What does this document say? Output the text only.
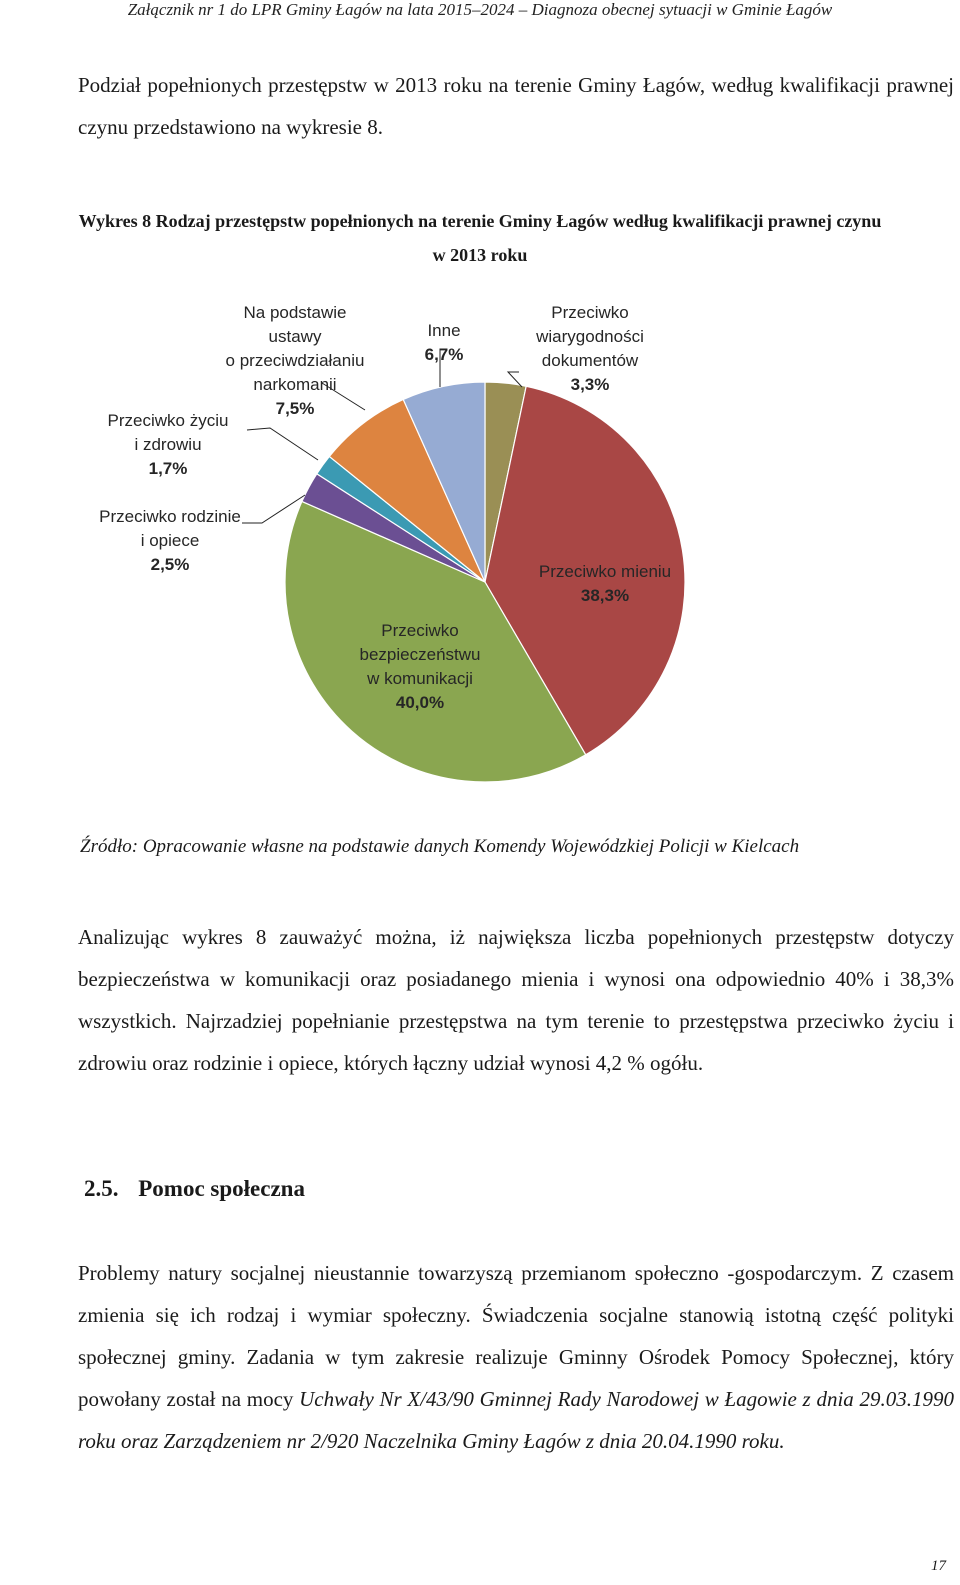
Załącznik nr 1 do LPR Gminy Łagów na lata 2015–2024 – Diagnoza obecnej sytuacji w Gminie Łagów
Podział popełnionych przestępstw w 2013 roku na terenie Gminy Łagów, według kwalifikacji prawnej czynu przedstawiono na wykresie 8.
Wykres 8 Rodzaj przestępstw popełnionych na terenie Gminy Łagów według kwalifikacji prawnej czynu
w 2013 roku
Przeciwko wiarygodności dokumentów 3,3%
Przeciwko mieniu 38,3%
Przeciwko bezpieczeństwu w komunikacji 40,0%
Przeciwko rodzinie i opiece 2,5%
Przeciwko życiu i zdrowiu 1,7%
Na podstawie ustawy o przeciwdziałaniu narkomanii 7,5%
Inne 6,7%
Źródło: Opracowanie własne na podstawie danych Komendy Wojewódzkiej Policji w Kielcach
Analizując wykres 8 zauważyć można, iż największa liczba popełnionych przestępstw dotyczy bezpieczeństwa w komunikacji oraz posiadanego mienia i wynosi ona odpowiednio 40% i 38,3% wszystkich. Najrzadziej popełnianie przestępstwa na tym terenie to przestępstwa przeciwko życiu i zdrowiu oraz rodzinie i opiece, których łączny udział wynosi 4,2 % ogółu.
2.5. Pomoc społeczna
Problemy natury socjalnej nieustannie towarzyszą przemianom społeczno -gospodarczym. Z czasem zmienia się ich rodzaj i wymiar społeczny. Świadczenia socjalne stanowią istotną część polityki społecznej gminy. Zadania w tym zakresie realizuje Gminny Ośrodek Pomocy Społecznej, który powołany został na mocy Uchwały Nr X/43/90 Gminnej Rady Narodowej w Łagowie z dnia 29.03.1990 roku oraz Zarządzeniem nr 2/920 Naczelnika Gminy Łagów z dnia 20.04.1990 roku.
17
